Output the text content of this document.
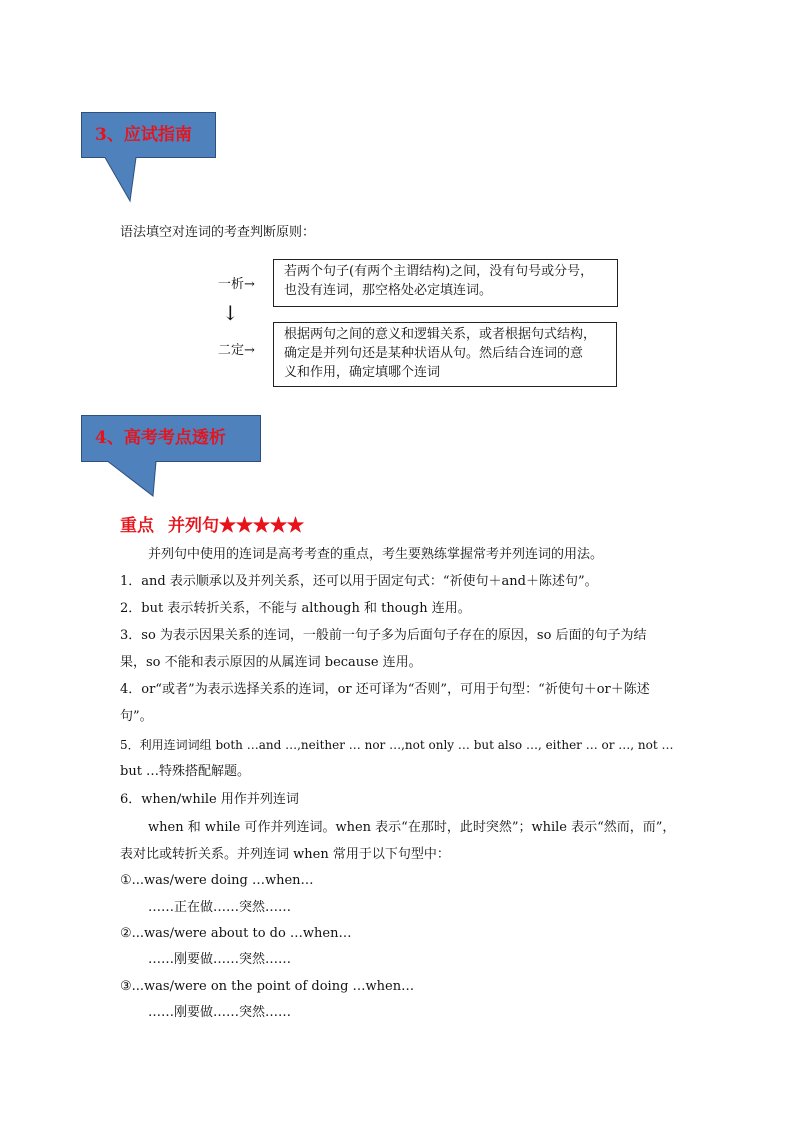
3、应试指南
语法填空对连词的考查判断原则：
一析→
若两个句子(有两个主谓结构)之间，没有句号或分号，
也没有连词，那空格处必定填连词。
↓
二定→
根据两句之间的意义和逻辑关系，或者根据句式结构，
确定是并列句还是某种状语从句。然后结合连词的意
义和作用，确定填哪个连词
4、高考考点透析
重点 并列句★★★★★
并列句中使用的连词是高考考查的重点，考生要熟练掌握常考并列连词的用法。
1．and 表示顺承以及并列关系，还可以用于固定句式：“祈使句＋and＋陈述句”。
2．but 表示转折关系，不能与 although 和 though 连用。
3．so 为表示因果关系的连词，一般前一句子多为后面句子存在的原因，so 后面的句子为结
果，so 不能和表示原因的从属连词 because 连用。
4．or“或者”为表示选择关系的连词，or 还可译为“否则”，可用于句型：“祈使句＋or＋陈述
句”。
5．利用连词词组 both …and …,neither … nor …,not only … but also …, either … or …, not …
but …特殊搭配解题。
6．when/while 用作并列连词
when 和 while 可作并列连词。when 表示“在那时，此时突然”；while 表示“然而，而”，
表对比或转折关系。并列连词 when 常用于以下句型中：
①...was/were doing …when…
……正在做……突然……
②...was/were about to do …when…
……刚要做……突然……
③...was/were on the point of doing …when…
……刚要做……突然……
